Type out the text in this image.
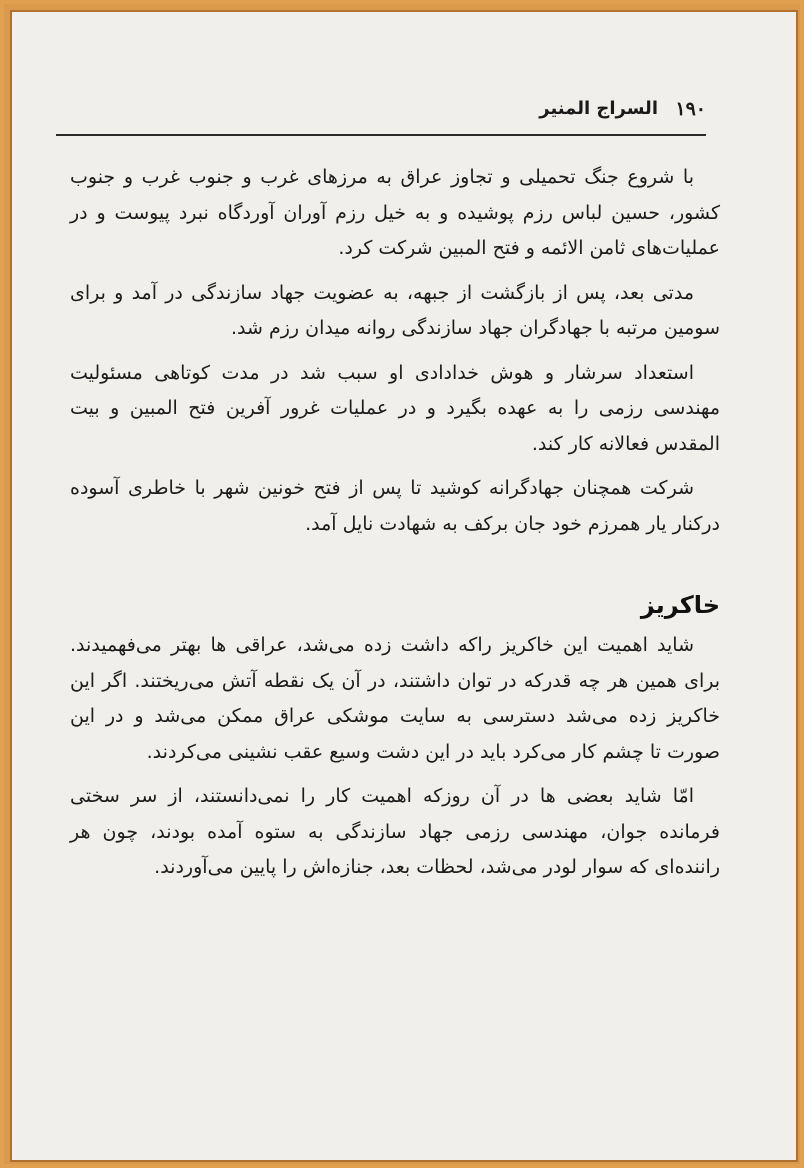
۱۹۰
السراج المنیر

با شروع جنگ تحمیلی و تجاوز عراق به مرزهای غرب و جنوب غرب و جنوب کشور، حسین لباس رزم پوشیده و به خیل رزم آوران آوردگاه نبرد پیوست و در عملیات‌های ثامن الائمه و فتح المبین شرکت کرد.

مدتی بعد، پس از بازگشت از جبهه، به عضویت جهاد سازندگی در آمد و برای سومین مرتبه با جهادگران جهاد سازندگی روانه میدان رزم شد.

استعداد سرشار و هوش خدادادی او سبب شد در مدت کوتاهی مسئولیت مهندسی رزمی را به عهده بگیرد و در عملیات غرور آفرین فتح المبین و بیت المقدس فعالانه کار کند.

شرکت همچنان جهادگرانه کوشید تا پس از فتح خونین شهر با خاطری آسوده درکنار یار همرزم خود جان برکف به شهادت نایل آمد.

خاکریز

شاید اهمیت این خاکریز راکه داشت زده می‌شد، عراقی ها بهتر می‌فهمیدند. برای همین هر چه قدرکه در توان داشتند، در آن یک نقطه آتش می‌ریختند. اگر این خاکریز زده می‌شد دسترسی به سایت موشکی عراق ممکن می‌شد و در این صورت تا چشم کار می‌کرد باید در این دشت وسیع عقب نشینی می‌کردند.

امّا شاید بعضی ها در آن روزکه اهمیت کار را نمی‌دانستند، از سر سختی فرمانده جوان، مهندسی رزمی جهاد سازندگی به ستوه آمده بودند، چون هر راننده‌ای که سوار لودر می‌شد، لحظات بعد، جنازه‌اش را پایین می‌آوردند.
